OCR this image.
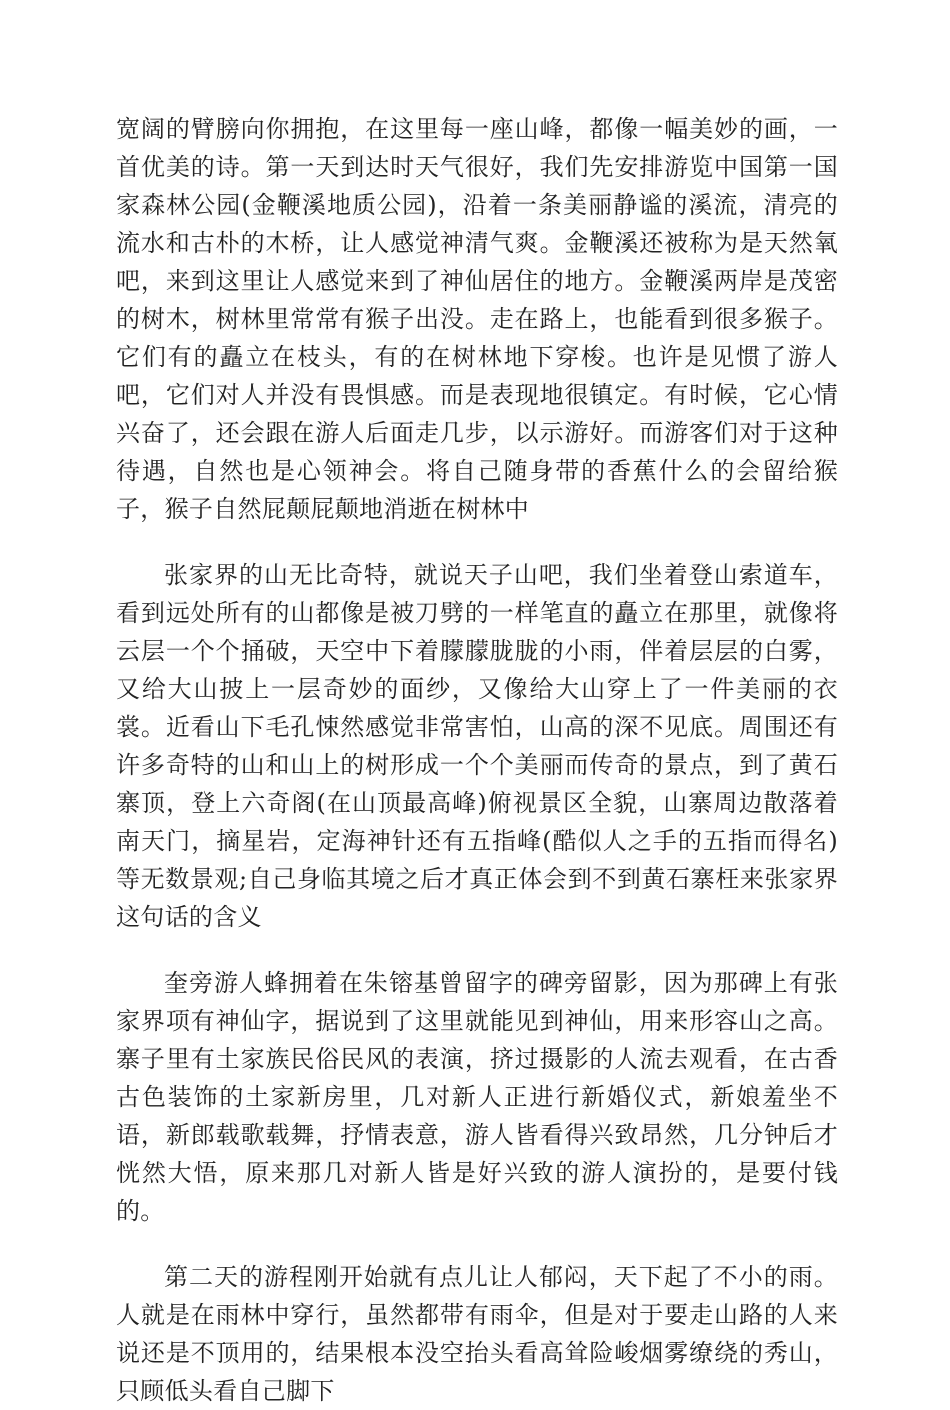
宽阔的臂膀向你拥抱，在这里每一座山峰，都像一幅美妙的画，一首优美的诗。第一天到达时天气很好，我们先安排游览中国第一国家森林公园(金鞭溪地质公园)，沿着一条美丽静谧的溪流，清亮的流水和古朴的木桥，让人感觉神清气爽。金鞭溪还被称为是天然氧吧，来到这里让人感觉来到了神仙居住的地方。金鞭溪两岸是茂密的树木，树林里常常有猴子出没。走在路上，也能看到很多猴子。它们有的矗立在枝头，有的在树林地下穿梭。也许是见惯了游人吧，它们对人并没有畏惧感。而是表现地很镇定。有时候，它心情兴奋了，还会跟在游人后面走几步，以示游好。而游客们对于这种待遇，自然也是心领神会。将自己随身带的香蕉什么的会留给猴子，猴子自然屁颠屁颠地消逝在树林中

张家界的山无比奇特，就说天子山吧，我们坐着登山索道车，看到远处所有的山都像是被刀劈的一样笔直的矗立在那里，就像将云层一个个捅破，天空中下着朦朦胧胧的小雨，伴着层层的白雾，又给大山披上一层奇妙的面纱，又像给大山穿上了一件美丽的衣裳。近看山下毛孔悚然感觉非常害怕，山高的深不见底。周围还有许多奇特的山和山上的树形成一个个美丽而传奇的景点，到了黄石寨顶，登上六奇阁(在山顶最高峰)俯视景区全貌，山寨周边散落着南天门，摘星岩，定海神针还有五指峰(酷似人之手的五指而得名)等无数景观;自己身临其境之后才真正体会到不到黄石寨枉来张家界这句话的含义

奎旁游人蜂拥着在朱镕基曾留字的碑旁留影，因为那碑上有张家界项有神仙字，据说到了这里就能见到神仙，用来形容山之高。寨子里有土家族民俗民风的表演，挤过摄影的人流去观看，在古香古色装饰的土家新房里，几对新人正进行新婚仪式，新娘羞坐不语，新郎载歌载舞，抒情表意，游人皆看得兴致昂然，几分钟后才恍然大悟，原来那几对新人皆是好兴致的游人演扮的，是要付钱的。

第二天的游程刚开始就有点儿让人郁闷，天下起了不小的雨。人就是在雨林中穿行，虽然都带有雨伞，但是对于要走山路的人来说还是不顶用的，结果根本没空抬头看高耸险峻烟雾缭绕的秀山，只顾低头看自己脚下
